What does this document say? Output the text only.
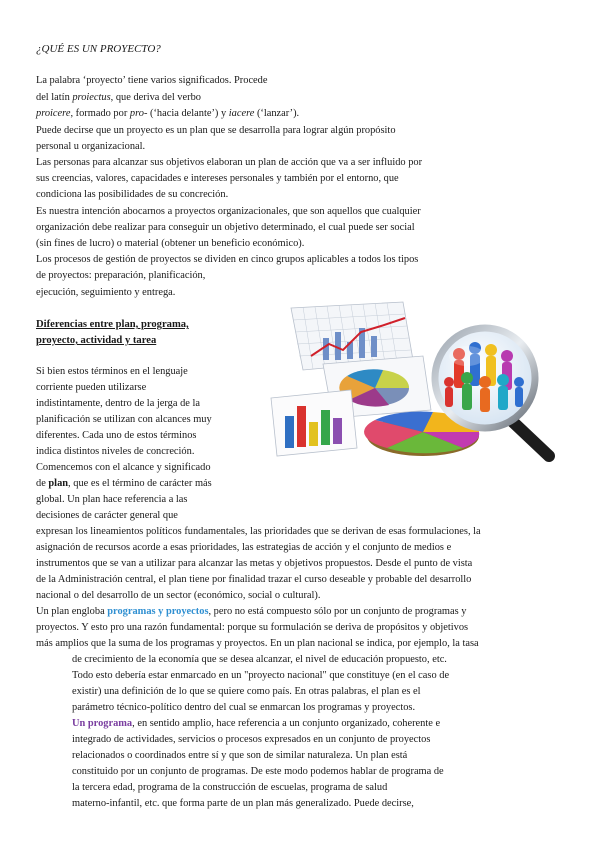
¿QUÉ ES UN PROYECTO?
La palabra ‘proyecto’ tiene varios significados. Procede
del latín proiectus, que deriva del verbo
proicere, formado por pro- (‘hacia delante’) y iacere (‘lanzar’).
Puede decirse que un proyecto es un plan que se desarrolla para lograr algún propósito
personal u organizacional.
Las personas para alcanzar sus objetivos elaboran un plan de acción que va a ser influido por
sus creencias, valores, capacidades e intereses personales y también por el entorno, que
condiciona las posibilidades de su concreción.
Es nuestra intención abocarnos a proyectos organizacionales, que son aquellos que cualquier
organización debe realizar para conseguir un objetivo determinado, el cual puede ser social
(sin fines de lucro) o material (obtener un beneficio económico).
Los procesos de gestión de proyectos se dividen en cinco grupos aplicables a todos los tipos
de proyectos: preparación, planificación,
ejecución, seguimiento y entrega.
Diferencias entre plan, programa,
proyecto, actividad y tarea
Si bien estos términos en el lenguaje
corriente pueden utilizarse
indistintamente, dentro de la jerga de la
planificación se utilizan con alcances muy
diferentes. Cada uno de estos términos
indica distintos niveles de concreción.
Comencemos con el alcance y significado
de plan, que es el término de carácter más
global. Un plan hace referencia a las
decisiones de carácter general que
expresan los lineamientos políticos fundamentales, las prioridades que se derivan de esas formulaciones, la
asignación de recursos acorde a esas prioridades, las estrategias de acción y el conjunto de medios e
instrumentos que se van a utilizar para alcanzar las metas y objetivos propuestos. Desde el punto de vista
de la Administración central, el plan tiene por finalidad trazar el curso deseable y probable del desarrollo
nacional o del desarrollo de un sector (económico, social o cultural).
Un plan engloba programas y proyectos, pero no está compuesto sólo por un conjunto de programas y
proyectos. Y esto pro una razón fundamental: porque su formulación se deriva de propósitos y objetivos
más amplios que la suma de los programas y proyectos. En un plan nacional se indica, por ejemplo, la tasa
de crecimiento de la economía que se desea alcanzar, el nivel de educación propuesto, etc.
Todo esto debería estar enmarcado en un "proyecto nacional" que constituye (en el caso de
existir) una definición de lo que se quiere como país. En otras palabras, el plan es el
parámetro técnico-político dentro del cual se enmarcan los programas y proyectos.
Un programa, en sentido amplio, hace referencia a un conjunto organizado, coherente e
integrado de actividades, servicios o procesos expresados en un conjunto de proyectos
relacionados o coordinados entre sí y que son de similar naturaleza. Un plan está
constituido por un conjunto de programas. De este modo podemos hablar de programa de
la tercera edad, programa de la construcción de escuelas, programa de salud
materno-infantil, etc. que forma parte de un plan más generalizado. Puede decirse,
